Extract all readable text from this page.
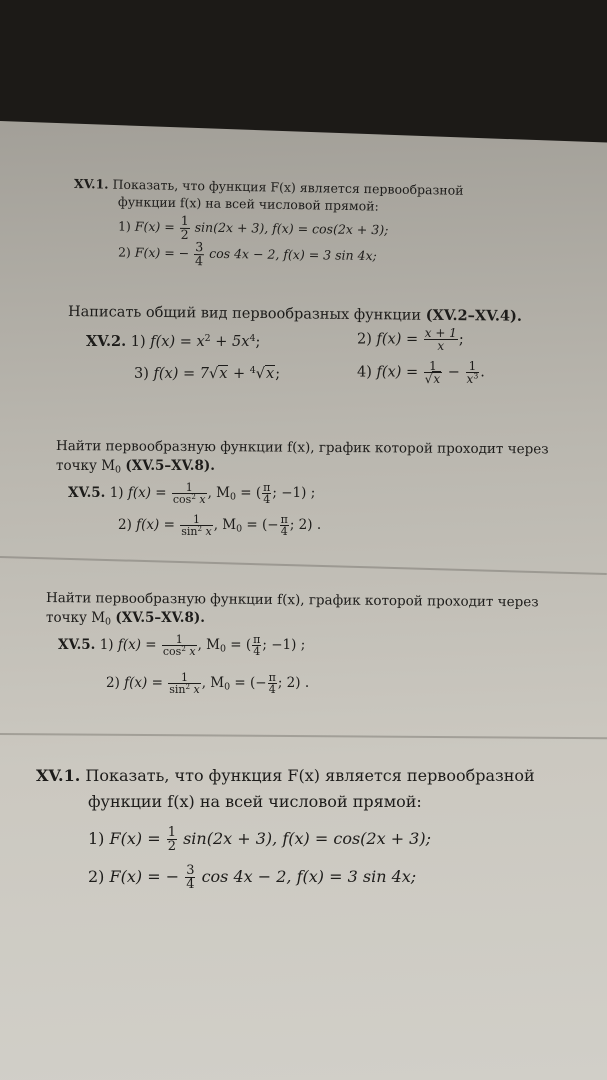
XV.1. Показать, что функция F(x) является первообразной
функции f(x) на всей числовой прямой:
1) $F(x) = \frac{1}{2} \sin(2x + 3)$, f(x) = cos(2x + 3);
2) F(x) = − $\frac{3}{4}$ cos 4x − 2, f(x) = 3 sin 4x;
Написать общий вид первообразных функции (XV.2–XV.4).
XV.2. 1) $f(x) = x^2 + 5x^4$;	2) $f(x) = \frac{x + 1}{x}$ ;
3) f(x) = 7√x + $^4$√x;	4) $f(x) = \frac{1}{√x} - \frac{1}{x^3}$ .
Найти первообразную функции f(x), график которой проходит через
точку $M_0$ (XV.5–XV.8).
XV.5. 1) $f(x) = \frac{1}{\cos^2 x}$ , $M_0$ = ( $\frac{\pi}{4}$ ; −1) ;
2) $f(x) = \frac{1}{\sin^2 x}$ , $M_0$ = (− $\frac{\pi}{4}$ ; 2) .
Найти первообразную функции f(x), график которой проходит через
точку $M_0$ (XV.5–XV.8).
XV.5. 1) $f(x) = \frac{1}{\cos^2 x}$ , $M_0$ = ( $\frac{\pi}{4}$ ; −1) ;
2) $f(x) = \frac{1}{\sin^2 x}$ , $M_0$ = (− $\frac{\pi}{4}$ ; 2) .
XV.1. Показать, что функция F(x) является первообразной
функции f(x) на всей числовой прямой:
1) $F(x) = \frac{1}{2} \sin(2x + 3)$, f(x) = cos(2x + 3);
2) F(x) = − $\frac{3}{4}$ cos 4x − 2, f(x) = 3 sin 4x;
